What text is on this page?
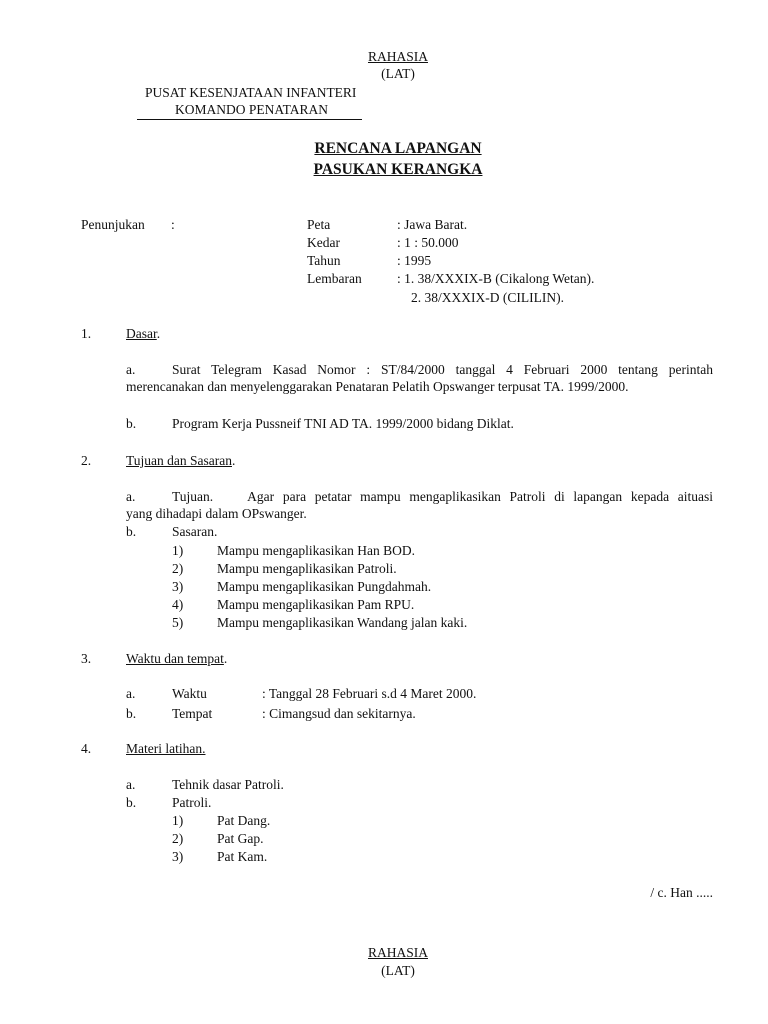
RAHASIA
(LAT)
PUSAT KESENJATAAN INFANTERI
KOMANDO PENATARAN
RENCANA LAPANGAN
PASUKAN KERANGKA
Penunjukan :	Peta	: Jawa Barat.
Kedar	: 1 : 50.000
Tahun	: 1995
Lembaran	: 1. 38/XXXIX-B (Cikalong Wetan).
2. 38/XXXIX-D (CILILIN).
1.	Dasar.
a.	Surat Telegram Kasad Nomor : ST/84/2000 tanggal 4 Februari 2000 tentang perintah
merencanakan dan menyelenggarakan Penataran Pelatih Opswanger terpusat TA. 1999/2000.
b.	Program Kerja Pussneif TNI AD TA. 1999/2000 bidang Diklat.
2.	Tujuan dan Sasaran.
a.	Tujuan.    Agar para petatar mampu mengaplikasikan Patroli di lapangan kepada aituasi
yang dihadapi dalam OPswanger.
b.	Sasaran.
1)	Mampu mengaplikasikan Han BOD.
2)	Mampu mengaplikasikan Patroli.
3)	Mampu mengaplikasikan Pungdahmah.
4)	Mampu mengaplikasikan Pam RPU.
5)	Mampu mengaplikasikan Wandang jalan kaki.
3.	Waktu dan tempat.
a.	Waktu	: Tanggal 28 Februari s.d 4 Maret 2000.
b.	Tempat	: Cimangsud dan sekitarnya.
4.	Materi latihan.
a.	Tehnik dasar Patroli.
b.	Patroli.
1)	Pat Dang.
2)	Pat Gap.
3)	Pat Kam.
/ c. Han .....
RAHASIA
(LAT)
